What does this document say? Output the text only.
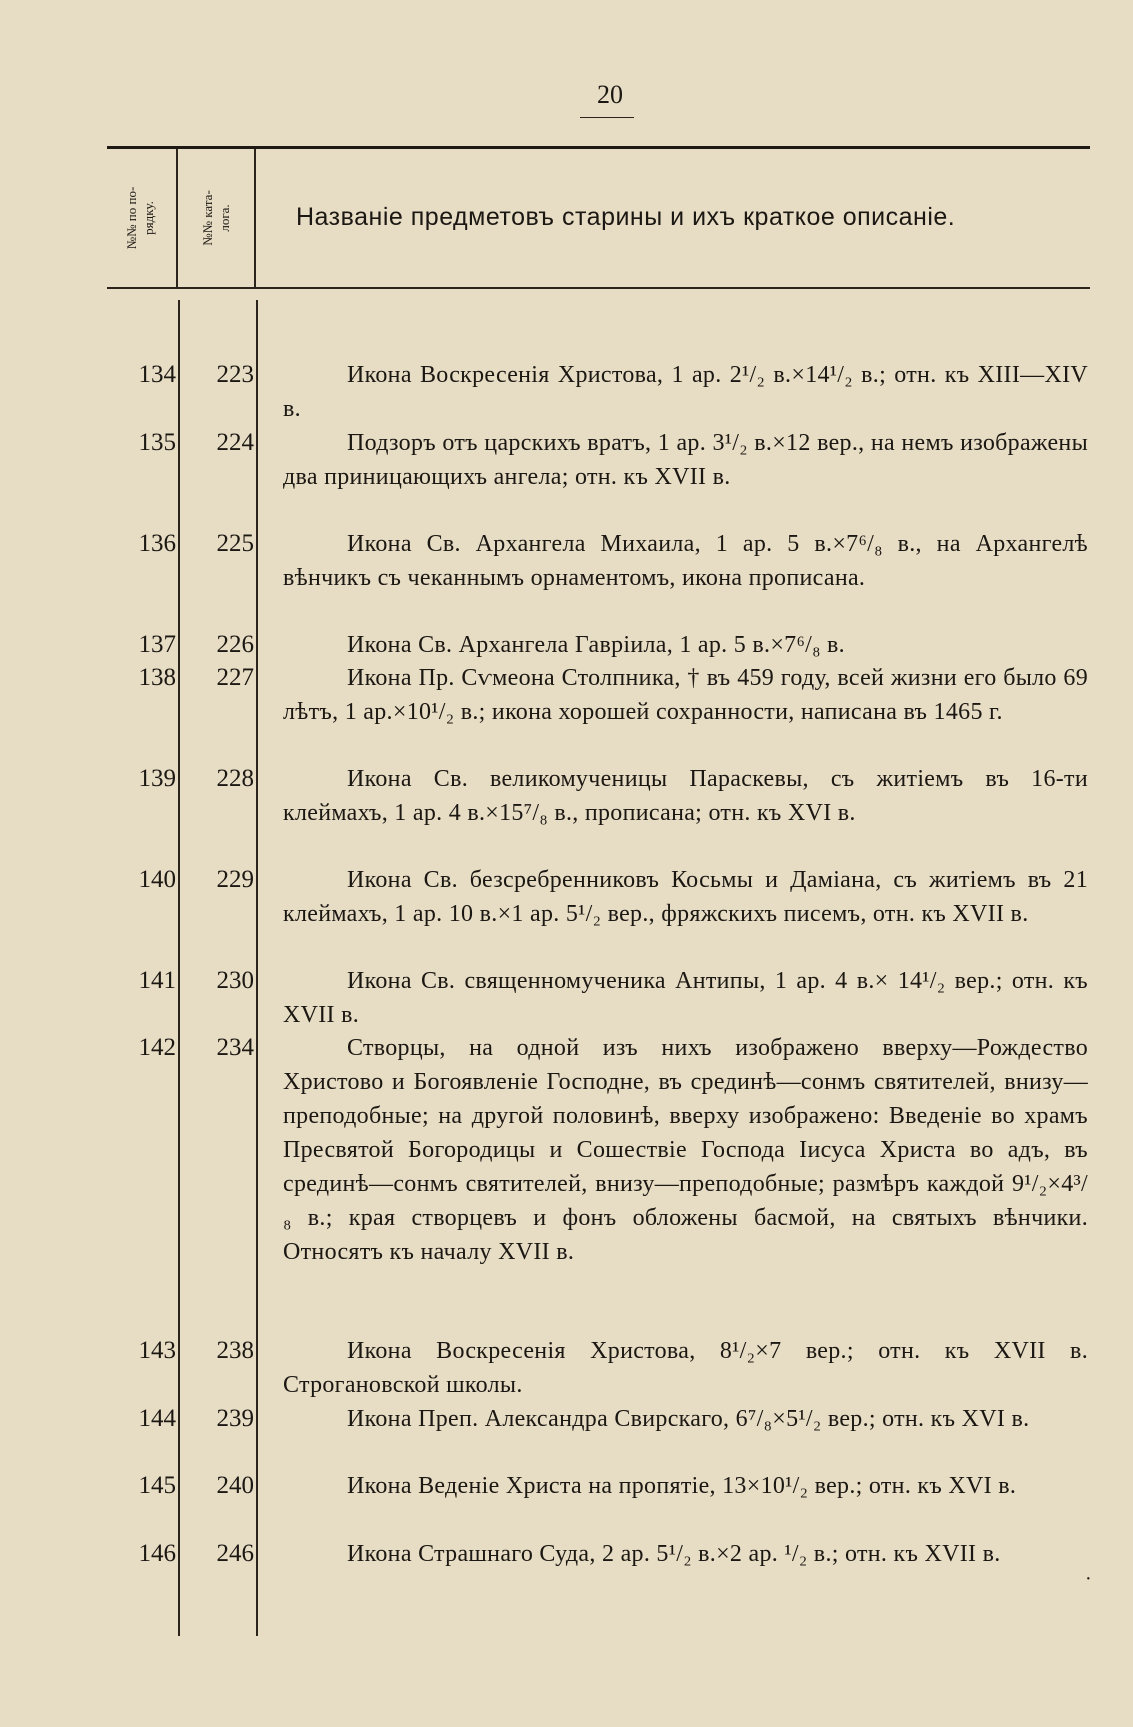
20
№№ по по-
рядку.	№№ ката-
лога.	Названіе предметовъ старины и ихъ краткое описаніе.
134	223	Икона Воскресенія Христова, 1 ар. 2¹/₂ в.×14¹/₂ в.; отн. къ XIII—XIV в.
135	224	Подзоръ отъ царскихъ вратъ, 1 ар. 3¹/₂ в.×12 вер., на немъ изображены два приницающихъ ангела; отн. къ XVII в.
136	225	Икона Св. Архангела Михаила, 1 ар. 5 в.×7⁶/₈ в., на Архангелѣ вѣнчикъ съ чеканнымъ орнаментомъ, икона прописана.
137	226	Икона Св. Архангела Гавріила, 1 ар. 5 в.×7⁶/₈ в.
138	227	Икона Пр. Сѵмеона Столпника, † въ 459 году, всей жизни его было 69 лѣтъ, 1 ар.×10¹/₂ в.; икона хорошей сохранности, написана въ 1465 г.
139	228	Икона Св. великомученицы Параскевы, съ житіемъ въ 16-ти клеймахъ, 1 ар. 4 в.×15⁷/₈ в., прописана; отн. къ XVI в.
140	229	Икона Св. безсребренниковъ Косьмы и Даміана, съ житіемъ въ 21 клеймахъ, 1 ар. 10 в.×1 ар. 5¹/₂ вер., фряжскихъ писемъ, отн. къ XVII в.
141	230	Икона Св. священномученика Антипы, 1 ар. 4 в.× 14¹/₂ вер.; отн. къ XVII в.
142	234	Створцы, на одной изъ нихъ изображено вверху—Рождество Христово и Богоявленіе Господне, въ срединѣ—сонмъ святителей, внизу—преподобные; на другой половинѣ, вверху изображено: Введеніе во храмъ Пресвятой Богородицы и Сошествіе Господа Іисуса Христа во адъ, въ срединѣ—сонмъ святителей, внизу—преподобные; размѣръ каждой 9¹/₂×4³/₈ в.; края створцевъ и фонъ обложены басмой, на святыхъ вѣнчики. Относятъ къ началу XVII в.
143	238	Икона Воскресенія Христова, 8¹/₂×7 вер.; отн. къ XVII в. Строгановской школы.
144	239	Икона Преп. Александра Свирскаго, 6⁷/₈×5¹/₂ вер.; отн. къ XVI в.
145	240	Икона Веденіе Христа на пропятіе, 13×10¹/₂ вер.; отн. къ XVI в.
146	246	Икона Страшнаго Суда, 2 ар. 5¹/₂ в.×2 ар. ¹/₂ в.; отн. къ XVII в.
·
